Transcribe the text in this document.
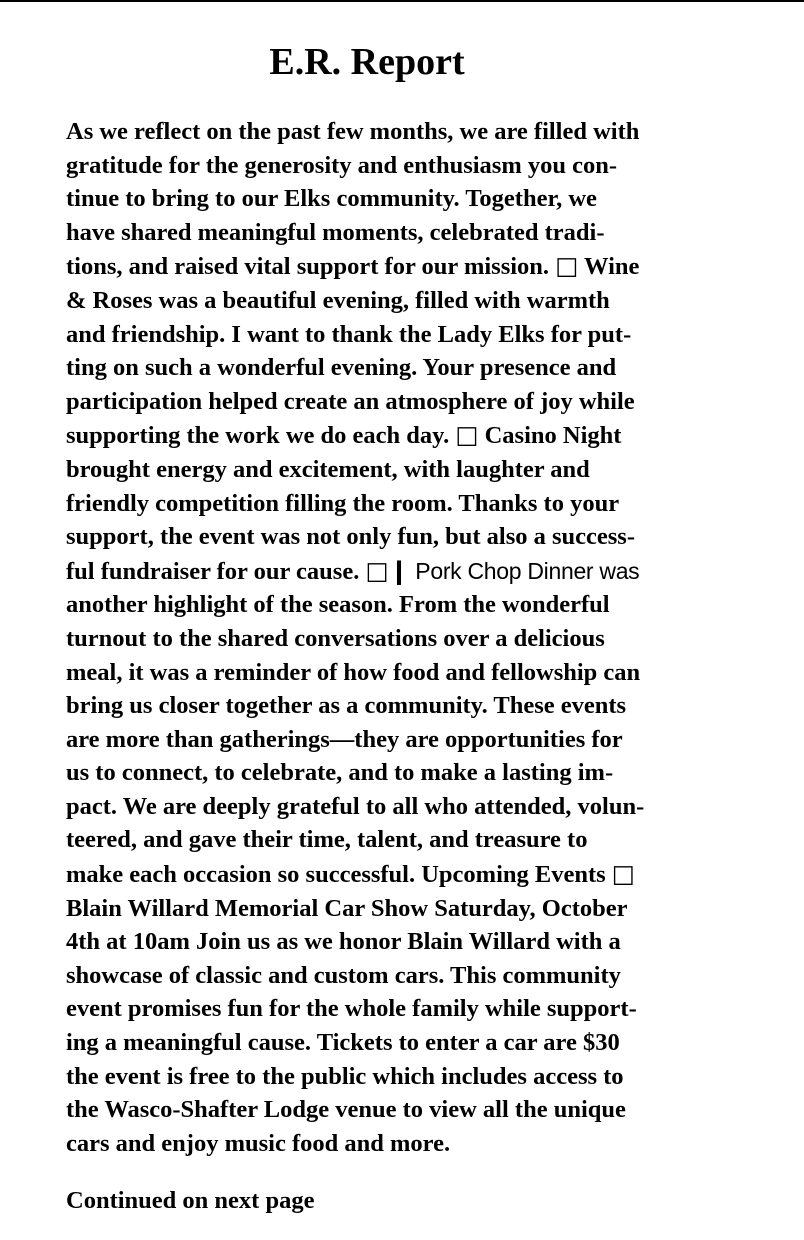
E.R. Report
As we reflect on the past few months, we are filled with
gratitude for the generosity and enthusiasm you con-
tinue to bring to our Elks community. Together, we
have shared meaningful moments, celebrated tradi-
tions, and raised vital support for our mission. □ Wine
& Roses was a beautiful evening, filled with warmth
and friendship. I want to thank the Lady Elks for put-
ting on such a wonderful evening. Your presence and
participation helped create an atmosphere of joy while
supporting the work we do each day. □ Casino Night
brought energy and excitement, with laughter and
friendly competition filling the room. Thanks to your
support, the event was not only fun, but also a success-
ful fundraiser for our cause. □❙ Pork Chop Dinner was
another highlight of the season. From the wonderful
turnout to the shared conversations over a delicious
meal, it was a reminder of how food and fellowship can
bring us closer together as a community. These events
are more than gatherings—they are opportunities for
us to connect, to celebrate, and to make a lasting im-
pact. We are deeply grateful to all who attended, volun-
teered, and gave their time, talent, and treasure to
make each occasion so successful. Upcoming Events □
Blain Willard Memorial Car Show Saturday, October
4th at 10am Join us as we honor Blain Willard with a
showcase of classic and custom cars. This community
event promises fun for the whole family while support-
ing a meaningful cause. Tickets to enter a car are $30
the event is free to the public which includes access to
the Wasco-Shafter Lodge venue to view all the unique
cars and enjoy music food and more.

Continued on next page
